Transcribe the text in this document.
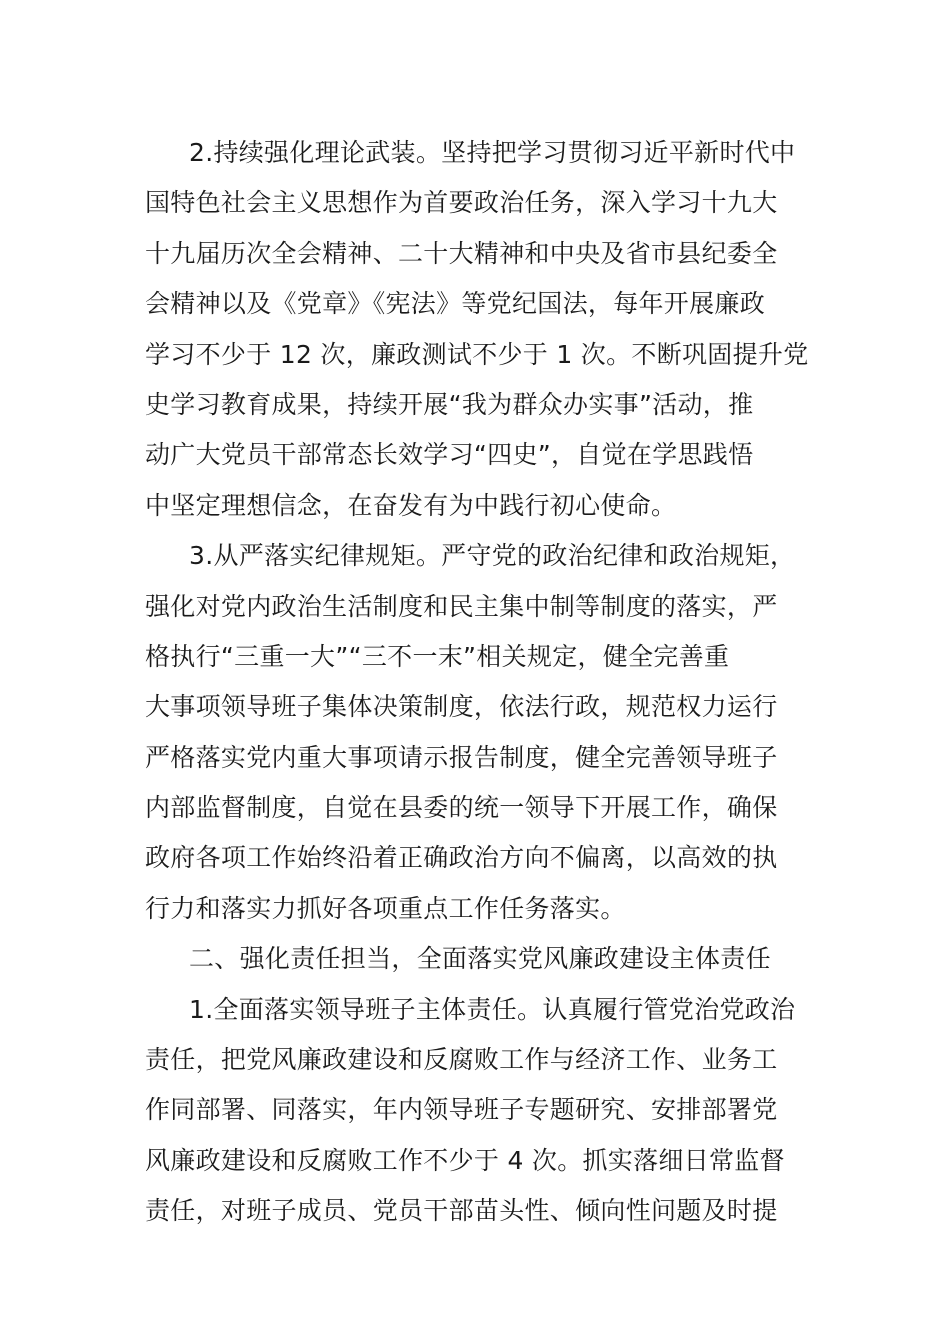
2.持续强化理论武装。坚持把学习贯彻习近平新时代中
国特色社会主义思想作为首要政治任务，深入学习十九大
十九届历次全会精神、二十大精神和中央及省市县纪委全
会精神以及《党章》《宪法》等党纪国法，每年开展廉政
学习不少于 12 次，廉政测试不少于 1 次。不断巩固提升党
史学习教育成果，持续开展“我为群众办实事”活动，推
动广大党员干部常态长效学习“四史”，自觉在学思践悟
中坚定理想信念，在奋发有为中践行初心使命。
3.从严落实纪律规矩。严守党的政治纪律和政治规矩，
强化对党内政治生活制度和民主集中制等制度的落实，严
格执行“三重一大”“三不一末”相关规定，健全完善重
大事项领导班子集体决策制度，依法行政，规范权力运行
严格落实党内重大事项请示报告制度，健全完善领导班子
内部监督制度，自觉在县委的统一领导下开展工作，确保
政府各项工作始终沿着正确政治方向不偏离，以高效的执
行力和落实力抓好各项重点工作任务落实。
二、强化责任担当，全面落实党风廉政建设主体责任
1.全面落实领导班子主体责任。认真履行管党治党政治
责任，把党风廉政建设和反腐败工作与经济工作、业务工
作同部署、同落实，年内领导班子专题研究、安排部署党
风廉政建设和反腐败工作不少于 4 次。抓实落细日常监督
责任，对班子成员、党员干部苗头性、倾向性问题及时提
